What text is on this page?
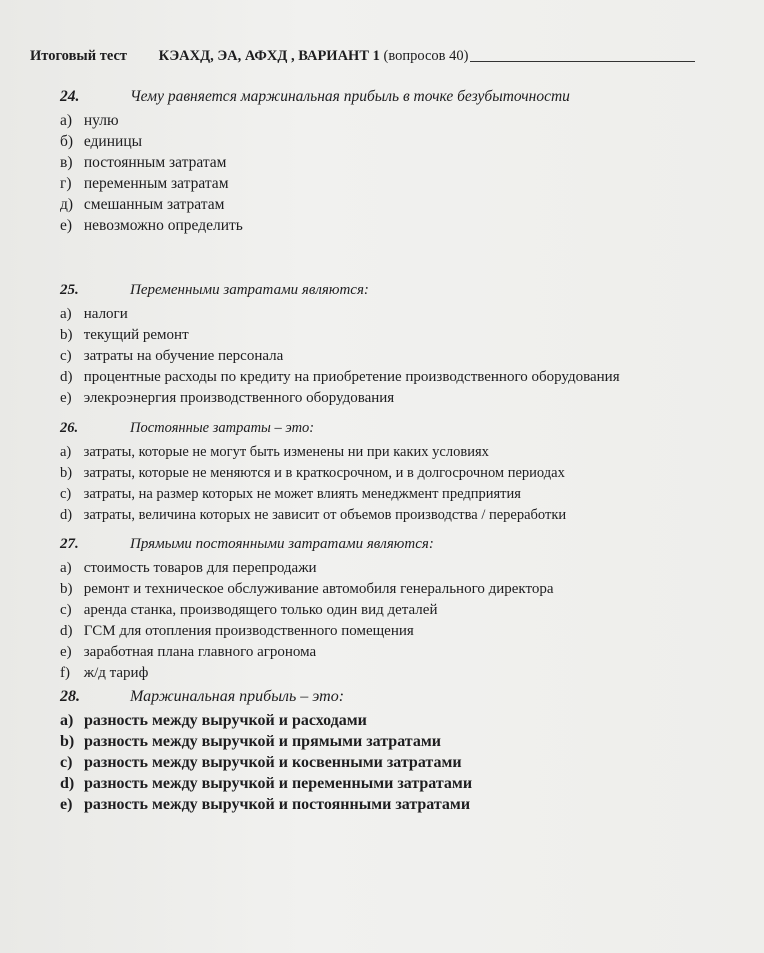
Итоговый тест КЭАХД, ЭА, АФХД , ВАРИАНТ 1 (вопросов 40)
24.	Чему равняется маржинальная прибыль в точке безубыточности
а) нулю
б) единицы
в) постоянным затратам
г) переменным затратам
д) смешанным затратам
е) невозможно определить
25.	Переменными затратами являются:
a) налоги
b) текущий ремонт
c) затраты на обучение персонала
d) процентные расходы по кредиту на приобретение производственного оборудования
e) элекроэнергия производственного оборудования
26.	Постоянные затраты – это:
a) затраты, которые не могут быть изменены ни при каких условиях
b) затраты, которые не меняются и в краткосрочном, и в долгосрочном периодах
c) затраты, на размер которых не может влиять менеджмент предприятия
d) затраты, величина которых не зависит от объемов производства / переработки
27.	Прямыми постоянными затратами являются:
a) стоимость товаров для перепродажи
b) ремонт и техническое обслуживание автомобиля генерального директора
c) аренда станка, производящего только один вид деталей
d) ГСМ для отопления производственного помещения
e) заработная плана главного агронома
f) ж/д тариф
28.	Маржинальная прибыль – это:
a) разность между выручкой и расходами
b) разность между выручкой и прямыми затратами
c) разность между выручкой и косвенными затратами
d) разность между выручкой и переменными затратами
e) разность между выручкой и постоянными затратами
